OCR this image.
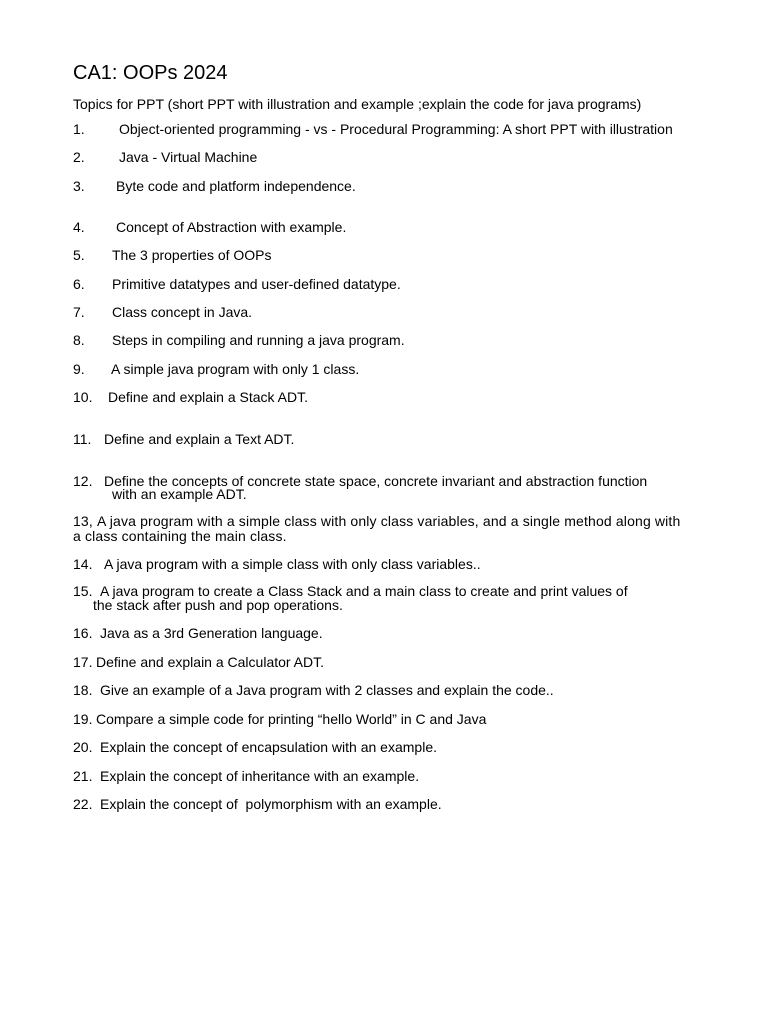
CA1: OOPs 2024
Topics for PPT (short PPT with illustration and example ;explain the code for java programs)
1. Object-oriented programming - vs - Procedural Programming: A short PPT with illustration
2. Java - Virtual Machine
3. Byte code and platform independence.
4. Concept of Abstraction with example.
5. The 3 properties of OOPs
6. Primitive datatypes and user-defined datatype.
7. Class concept in Java.
8. Steps in compiling and running a java program.
9. A simple java program with only 1 class.
10. Define and explain a Stack ADT.
11. Define and explain a Text ADT.
12. Define the concepts of concrete state space, concrete invariant and abstraction function
with an example ADT.
13, A java program with a simple class with only class variables, and a single method along with
a class containing the main class.
14. A java program with a simple class with only class variables..
15. A java program to create a Class Stack and a main class to create and print values of
the stack after push and pop operations.
16. Java as a 3rd Generation language.
17. Define and explain a Calculator ADT.
18. Give an example of a Java program with 2 classes and explain the code..
19. Compare a simple code for printing “hello World” in C and Java
20. Explain the concept of encapsulation with an example.
21. Explain the concept of inheritance with an example.
22. Explain the concept of  polymorphism with an example.
